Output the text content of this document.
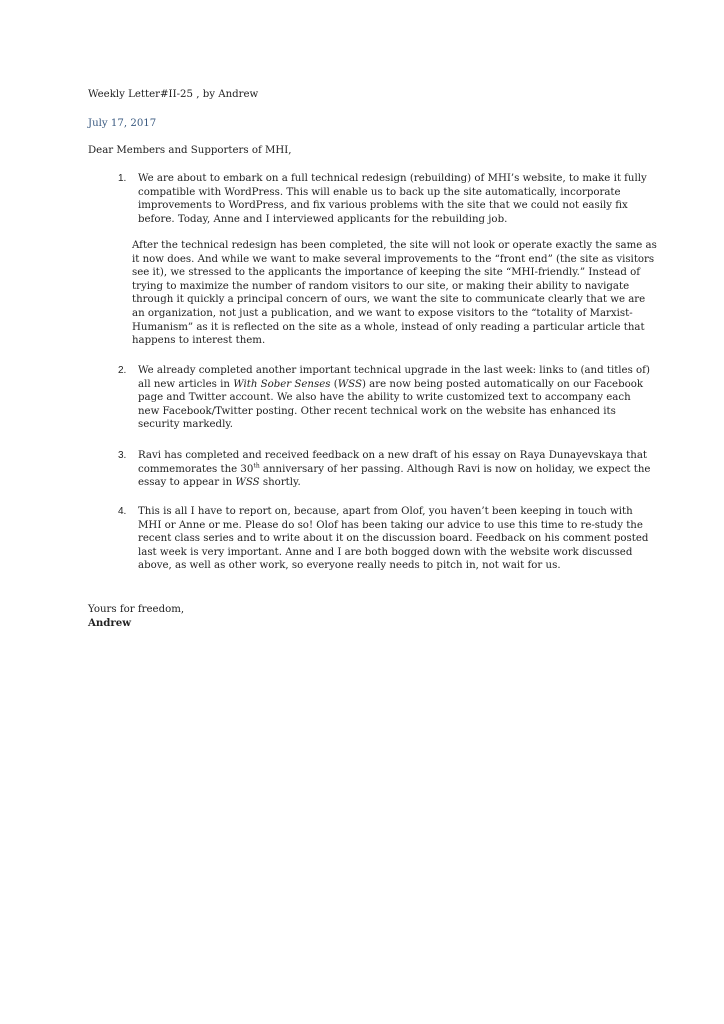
Weekly Letter#II-25 , by Andrew
July 17, 2017
Dear Members and Supporters of MHI,
1. We are about to embark on a full technical redesign (rebuilding) of MHI’s website, to make it fully compatible with WordPress. This will enable us to back up the site automatically, incorporate improvements to WordPress, and fix various problems with the site that we could not easily fix before. Today, Anne and I interviewed applicants for the rebuilding job.
After the technical redesign has been completed, the site will not look or operate exactly the same as it now does. And while we want to make several improvements to the “front end” (the site as visitors see it), we stressed to the applicants the importance of keeping the site “MHI-friendly.” Instead of trying to maximize the number of random visitors to our site, or making their ability to navigate through it quickly a principal concern of ours, we want the site to communicate clearly that we are an organization, not just a publication, and we want to expose visitors to the “totality of Marxist-Humanism” as it is reflected on the site as a whole, instead of only reading a particular article that happens to interest them.
2. We already completed another important technical upgrade in the last week: links to (and titles of) all new articles in With Sober Senses (WSS) are now being posted automatically on our Facebook page and Twitter account. We also have the ability to write customized text to accompany each new Facebook/Twitter posting. Other recent technical work on the website has enhanced its security markedly.
3. Ravi has completed and received feedback on a new draft of his essay on Raya Dunayevskaya that commemorates the 30th anniversary of her passing. Although Ravi is now on holiday, we expect the essay to appear in WSS shortly.
4. This is all I have to report on, because, apart from Olof, you haven’t been keeping in touch with MHI or Anne or me. Please do so! Olof has been taking our advice to use this time to re-study the recent class series and to write about it on the discussion board. Feedback on his comment posted last week is very important. Anne and I are both bogged down with the website work discussed above, as well as other work, so everyone really needs to pitch in, not wait for us.
Yours for freedom,
Andrew
